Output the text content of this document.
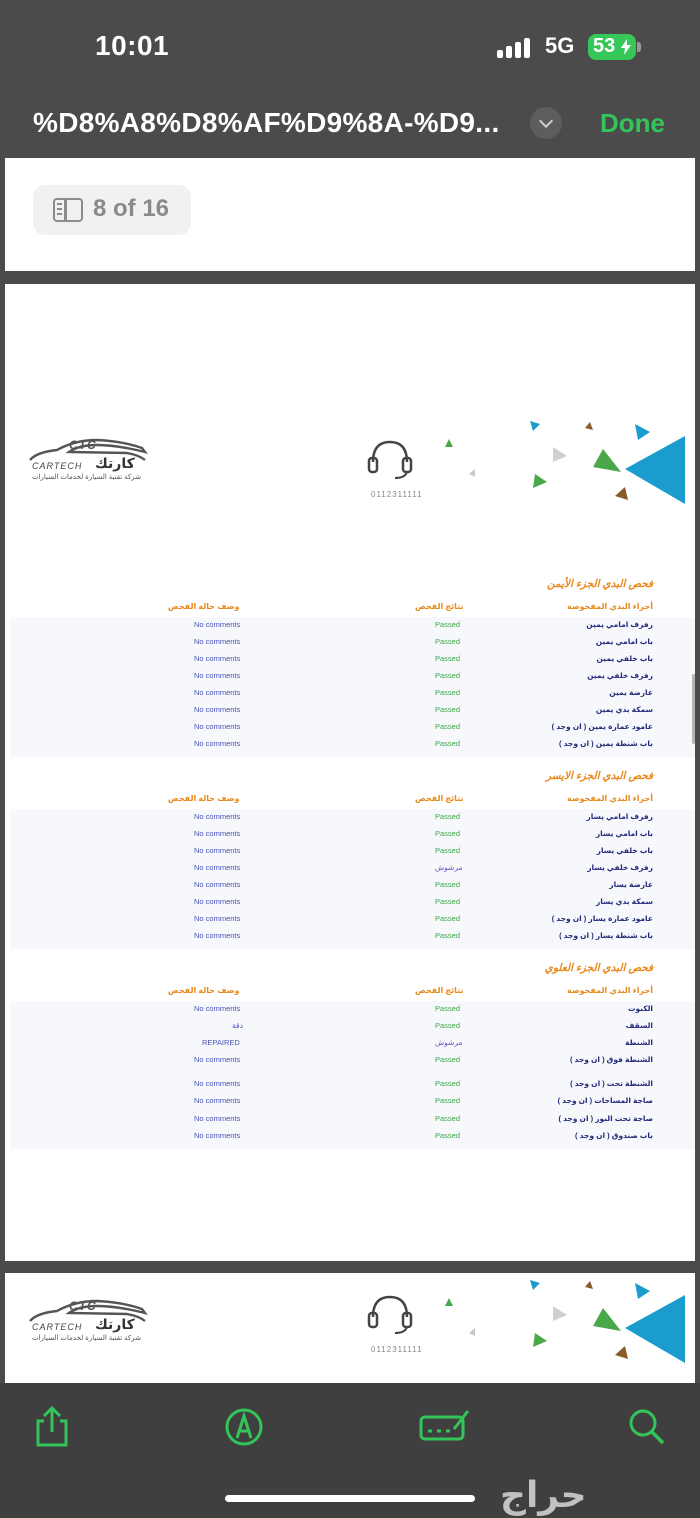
10:01	5G 53
%D8%A8%D8%AF%D9%8A-%D9...	Done
8 of 16
CTC
CARTECH كارتك
شركة تقنية السيارة لخدمات السيارات
0112311111
فحص البدي الجزء الأيمن
أجزاء البدي المفحوصة
نتائج الفحص
وصف حالة الفحص
رفرف امامي يمين
Passed
No comments
باب امامي يمين
Passed
No comments
باب خلفي يمين
Passed
No comments
رفرف خلفي يمين
Passed
No comments
عارضة يمين
Passed
No comments
سمكة بدي يمين
Passed
No comments
عامود عمارة يمين ( ان وجد )
Passed
No comments
باب شنطة يمين ( ان وجد )
Passed
No comments
فحص البدي الجزء الايسر
أجزاء البدي المفحوصة
نتائج الفحص
وصف حالة الفحص
رفرف امامي يسار
Passed
No comments
باب امامي يسار
Passed
No comments
باب خلفي يسار
Passed
No comments
رفرف خلفي يسار
مرشوش
No comments
عارضة يسار
Passed
No comments
سمكة بدي يسار
Passed
No comments
عامود عمارة يسار ( ان وجد )
Passed
No comments
باب شنطة يسار ( ان وجد )
Passed
No comments
فحص البدي الجزء العلوي
أجزاء البدي المفحوصة
نتائج الفحص
وصف حالة الفحص
الكبوت
Passed
No comments
السقف
Passed
دقة
الشنطة
مرشوش
REPAIRED
الشنطة فوق ( ان وجد )
Passed
No comments
الشنطة تحت ( ان وجد )
Passed
No comments
صاجة المساحات ( ان وجد )
Passed
No comments
صاجة تحت البور ( ان وجد )
Passed
No comments
باب صندوق ( ان وجد )
Passed
No comments
CTC
CARTECH كارتك
شركة تقنية السيارة لخدمات السيارات
0112311111
حراج
